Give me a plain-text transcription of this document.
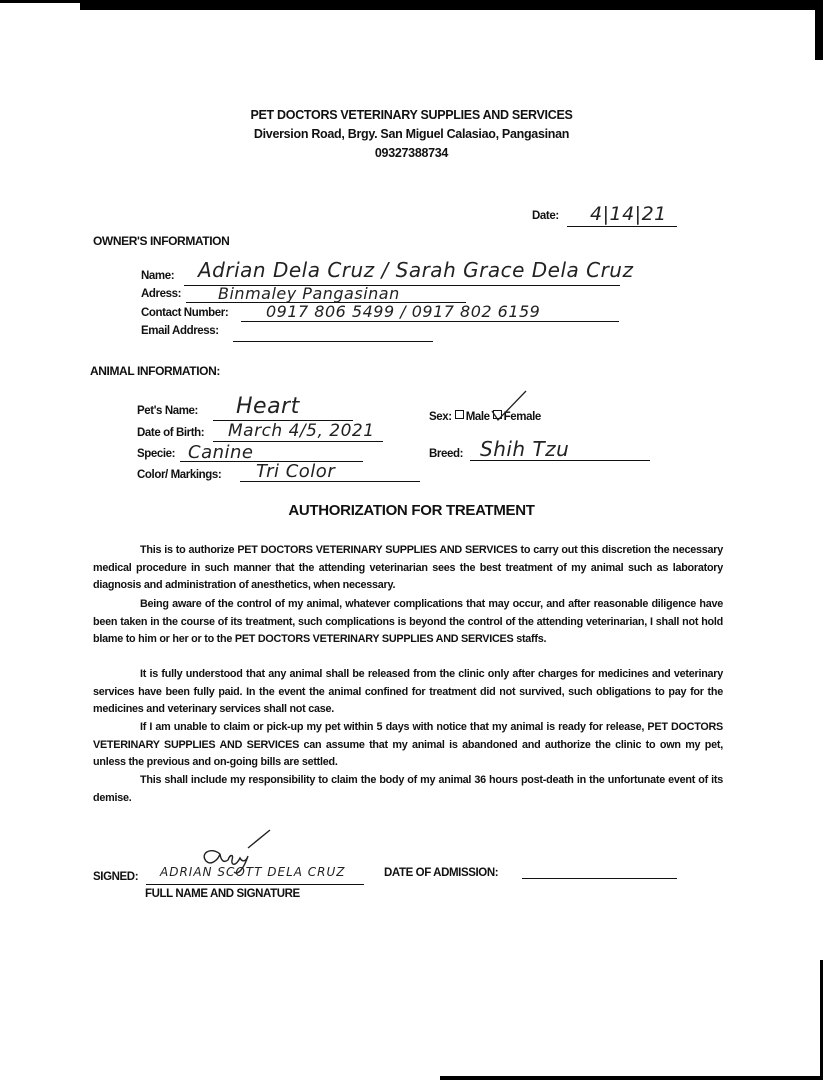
PET DOCTORS VETERINARY SUPPLIES AND SERVICES
Diversion Road, Brgy. San Miguel Calasiao, Pangasinan
09327388734
Date: 4|14|21
OWNER'S INFORMATION
Name: Adrian Dela Cruz / Sarah Grace Dela Cruz
Adress: Binmaley Pangasinan
Contact Number: 0917 806 5499 / 0917 802 6159
Email Address:
ANIMAL INFORMATION:
Pet's Name: Heart
Date of Birth: March 4/5, 2021
Specie: Canine
Color/ Markings: Tri Color
Sex: Male Female
Breed: Shih Tzu
AUTHORIZATION FOR TREATMENT
This is to authorize PET DOCTORS VETERINARY SUPPLIES AND SERVICES to carry out this discretion the necessary medical procedure in such manner that the attending veterinarian sees the best treatment of my animal such as laboratory diagnosis and administration of anesthetics, when necessary.
Being aware of the control of my animal, whatever complications that may occur, and after reasonable diligence have been taken in the course of its treatment, such complications is beyond the control of the attending veterinarian, I shall not hold blame to him or her or to the PET DOCTORS VETERINARY SUPPLIES AND SERVICES staffs.
It is fully understood that any animal shall be released from the clinic only after charges for medicines and veterinary services have been fully paid. In the event the animal confined for treatment did not survived, such obligations to pay for the medicines and veterinary services shall not case.
If I am unable to claim or pick-up my pet within 5 days with notice that my animal is ready for release, PET DOCTORS VETERINARY SUPPLIES AND SERVICES can assume that my animal is abandoned and authorize the clinic to own my pet, unless the previous and on-going bills are settled.
This shall include my responsibility to claim the body of my animal 36 hours post-death in the unfortunate event of its demise.
SIGNED: ADRIAN SCOTT DELA CRUZ
FULL NAME AND SIGNATURE
DATE OF ADMISSION:
